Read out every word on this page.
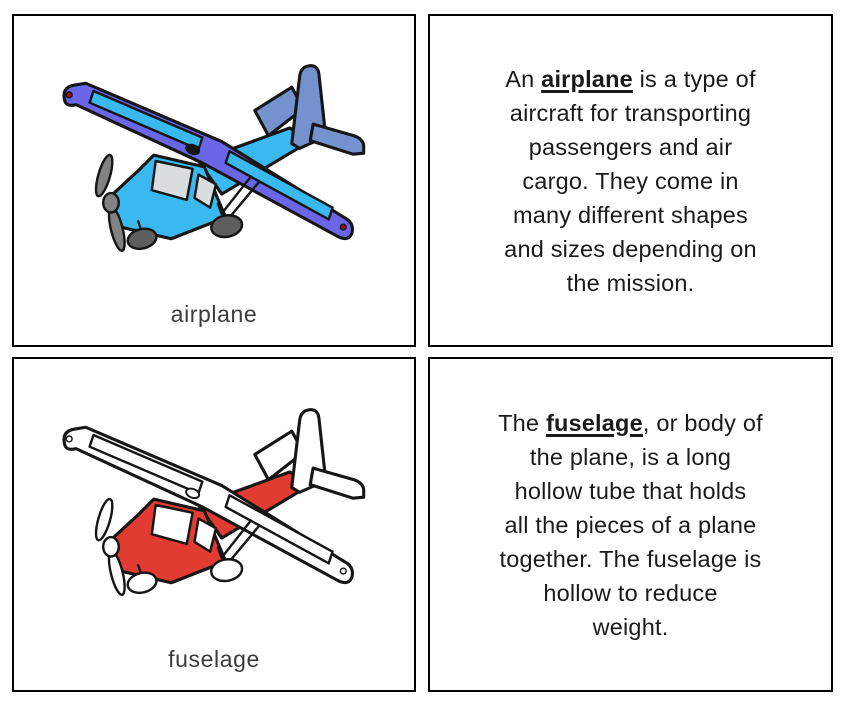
airplane
An airplane is a type of
aircraft for transporting
passengers and air
cargo. They come in
many different shapes
and sizes depending on
the mission.
fuselage
The fuselage, or body of
the plane, is a long
hollow tube that holds
all the pieces of a plane
together. The fuselage is
hollow to reduce
weight.
